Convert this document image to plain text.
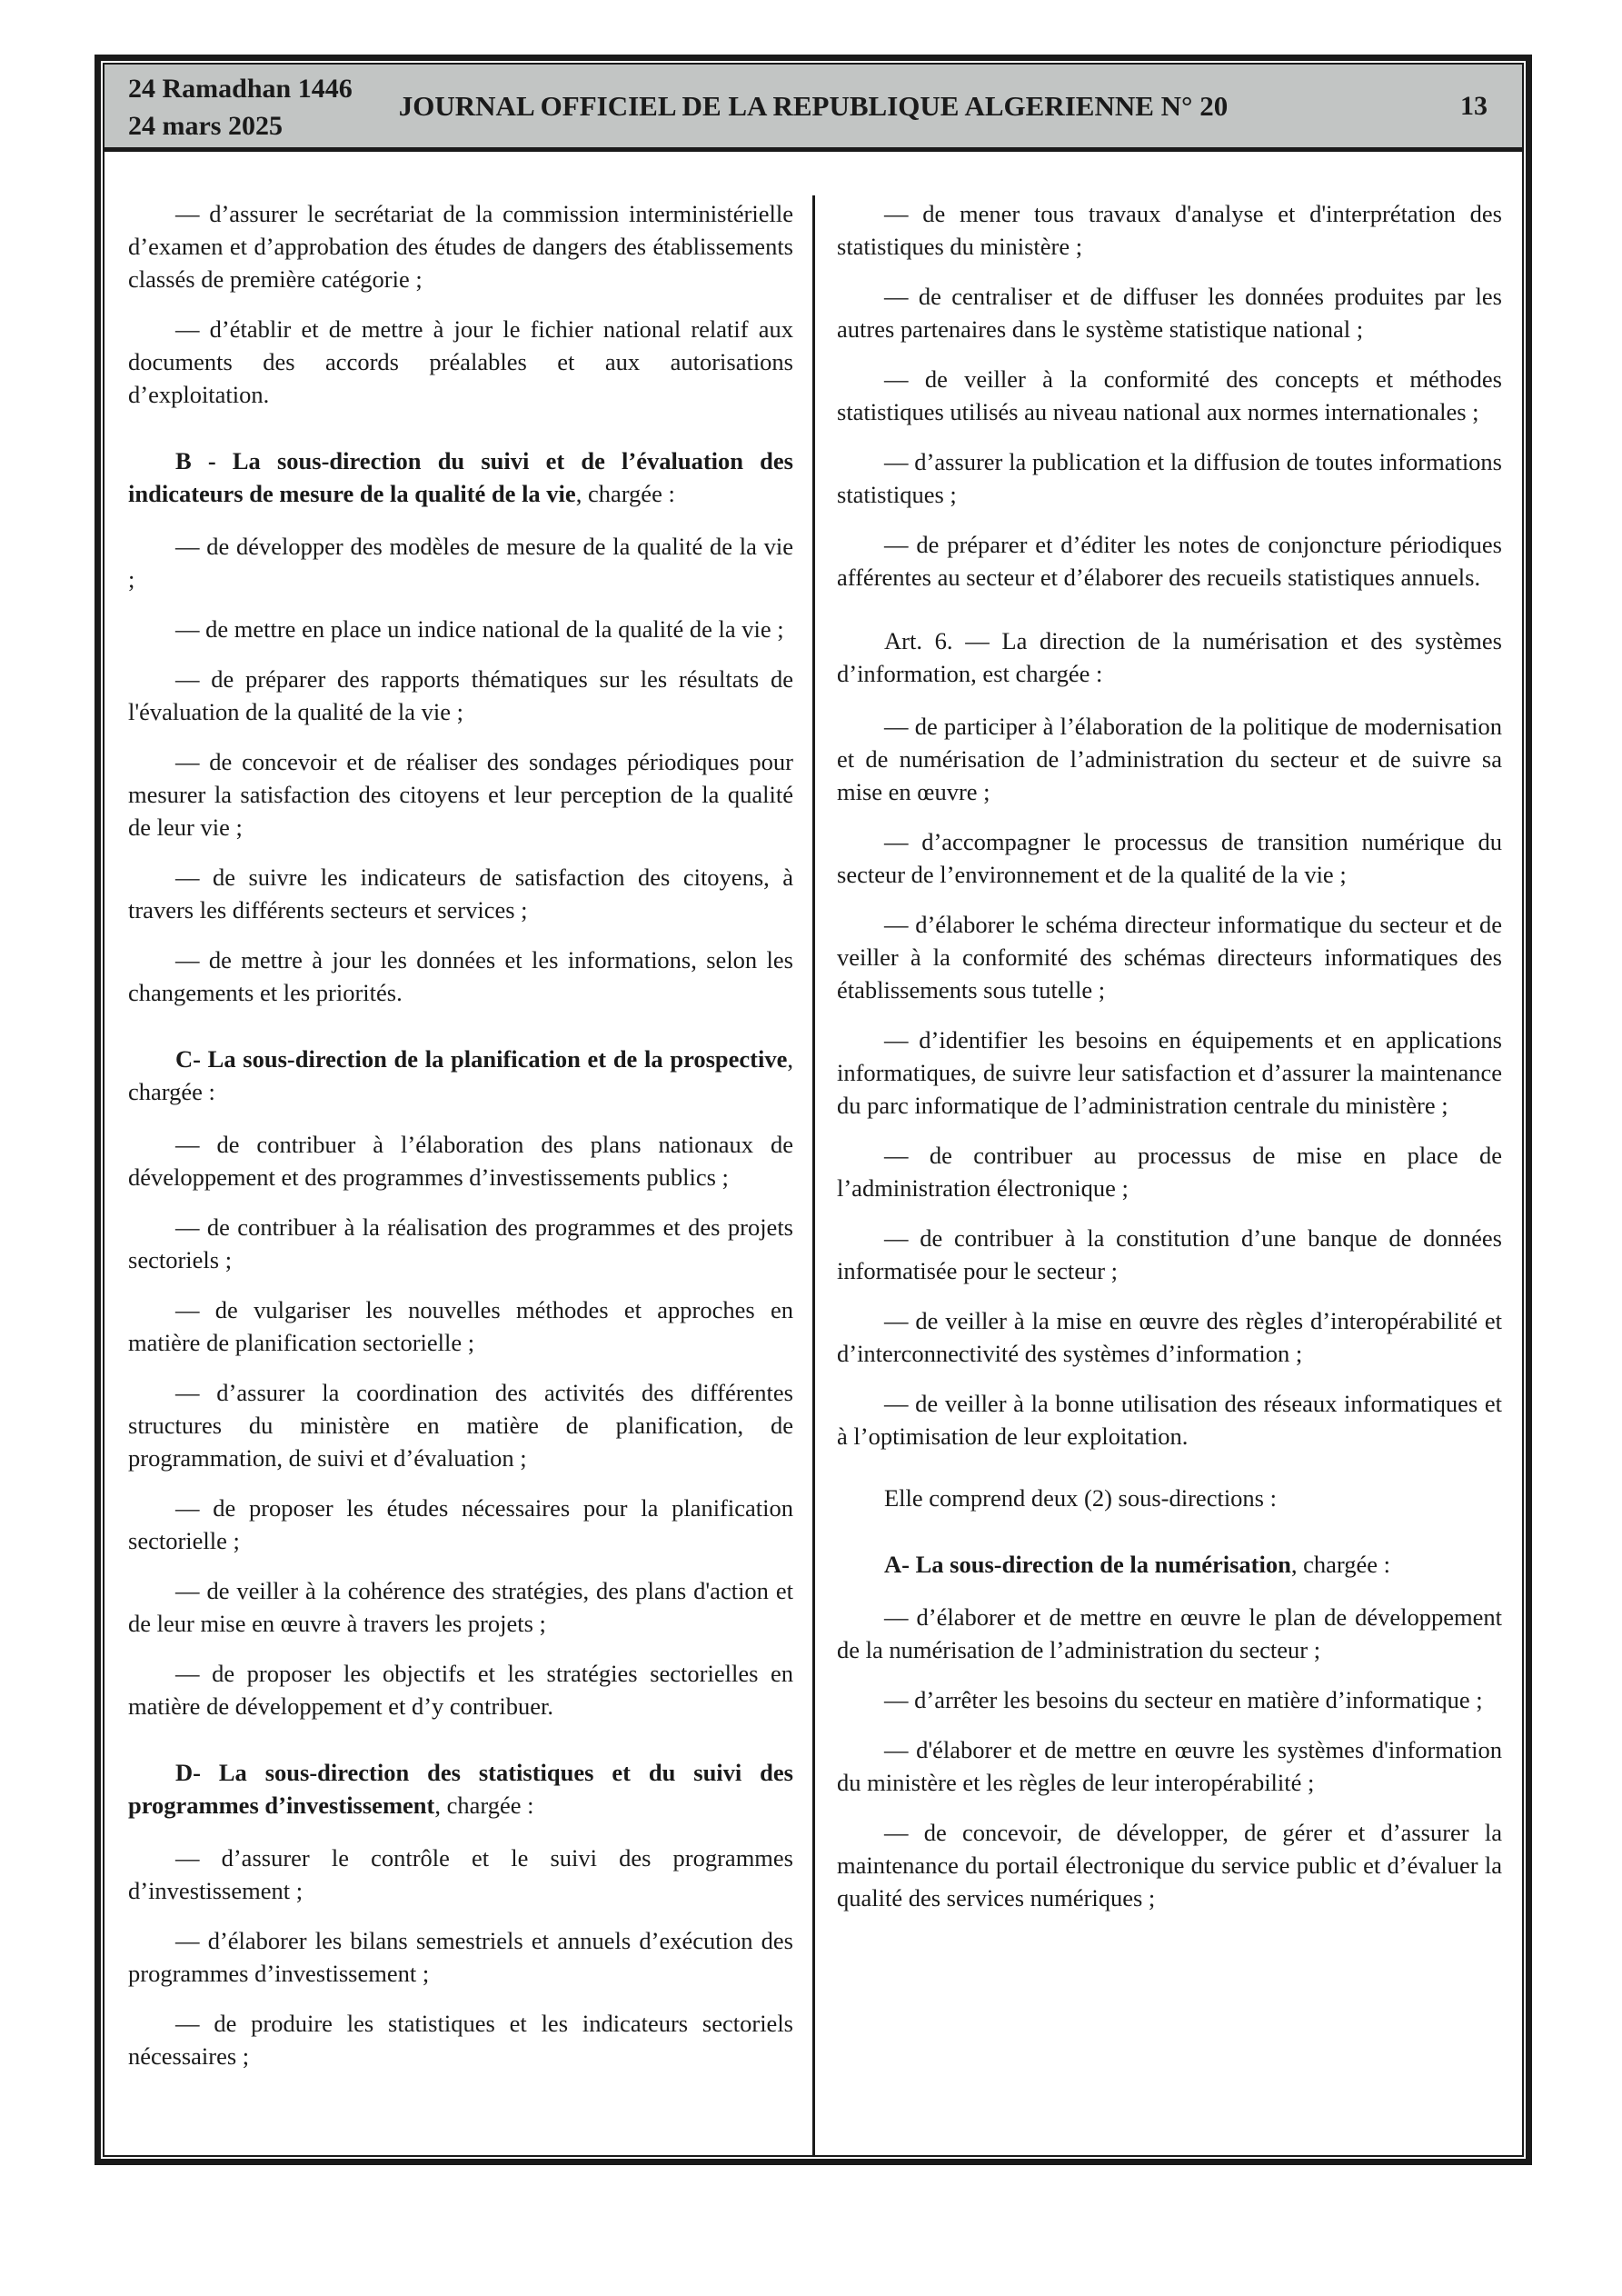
24 Ramadhan 1446
24 mars 2025
JOURNAL OFFICIEL DE LA REPUBLIQUE ALGERIENNE N° 20	13

— d’assurer le secrétariat de la commission interministérielle d’examen et d’approbation des études de dangers des établissements classés de première catégorie ;

— d’établir et de mettre à jour le fichier national relatif aux documents des accords préalables et aux autorisations d’exploitation.

B - La sous-direction du suivi et de l’évaluation des indicateurs de mesure de la qualité de la vie, chargée :

— de développer des modèles de mesure de la qualité de la vie ;

— de mettre en place un indice national de la qualité de la vie ;

— de préparer des rapports thématiques sur les résultats de l'évaluation de la qualité de la vie ;

— de concevoir et de réaliser des sondages périodiques pour mesurer la satisfaction des citoyens et leur perception de la qualité de leur vie ;

— de suivre les indicateurs de satisfaction des citoyens, à travers les différents secteurs et services ;

— de mettre à jour les données et les informations, selon les changements et les priorités.

C- La sous-direction de la planification et de la prospective, chargée :

— de contribuer à l’élaboration des plans nationaux de développement et des programmes d’investissements publics ;

— de contribuer à la réalisation des programmes et des projets sectoriels ;

— de vulgariser les nouvelles méthodes et approches en matière de planification sectorielle ;

— d’assurer la coordination des activités des différentes structures du ministère en matière de planification, de programmation, de suivi et d’évaluation ;

— de proposer les études nécessaires pour la planification sectorielle ;

— de veiller à la cohérence des stratégies, des plans d'action et de leur mise en œuvre à travers les projets ;

— de proposer les objectifs et les stratégies sectorielles en matière de développement et d’y contribuer.

D- La sous-direction des statistiques et du suivi des programmes d’investissement, chargée :

— d’assurer le contrôle et le suivi des programmes d’investissement ;

— d’élaborer les bilans semestriels et annuels d’exécution des programmes d’investissement ;

— de produire les statistiques et les indicateurs sectoriels nécessaires ;

— de mener tous travaux d'analyse et d'interprétation des statistiques du ministère ;

— de centraliser et de diffuser les données produites par les autres partenaires dans le système statistique national ;

— de veiller à la conformité des concepts et méthodes statistiques utilisés au niveau national aux normes internationales ;

— d’assurer la publication et la diffusion de toutes informations statistiques ;

— de préparer et d’éditer les notes de conjoncture périodiques afférentes au secteur et d’élaborer des recueils statistiques annuels.

Art. 6. — La direction de la numérisation et des systèmes d’information, est chargée :

— de participer à l’élaboration de la politique de modernisation et de numérisation de l’administration du secteur et de suivre sa mise en œuvre ;

— d’accompagner le processus de transition numérique du secteur de l’environnement et de la qualité de la vie ;

— d’élaborer le schéma directeur informatique du secteur et de veiller à la conformité des schémas directeurs informatiques des établissements sous tutelle ;

— d’identifier les besoins en équipements et en applications informatiques, de suivre leur satisfaction et d’assurer la maintenance du parc informatique de l’administration centrale du ministère ;

— de contribuer au processus de mise en place de l’administration électronique ;

— de contribuer à la constitution d’une banque de données informatisée pour le secteur ;

— de veiller à la mise en œuvre des règles d’interopérabilité et d’interconnectivité des systèmes d’information ;

— de veiller à la bonne utilisation des réseaux informatiques et à l’optimisation de leur exploitation.

Elle comprend deux (2) sous-directions :

A- La sous-direction de la numérisation, chargée :

— d’élaborer et de mettre en œuvre le plan de développement de la numérisation de l’administration du secteur ;

— d’arrêter les besoins du secteur en matière d’informatique ;

— d'élaborer et de mettre en œuvre les systèmes d'information du ministère et les règles de leur interopérabilité ;

— de concevoir, de développer, de gérer et d’assurer la maintenance du portail électronique du service public et d’évaluer la qualité des services numériques ;
